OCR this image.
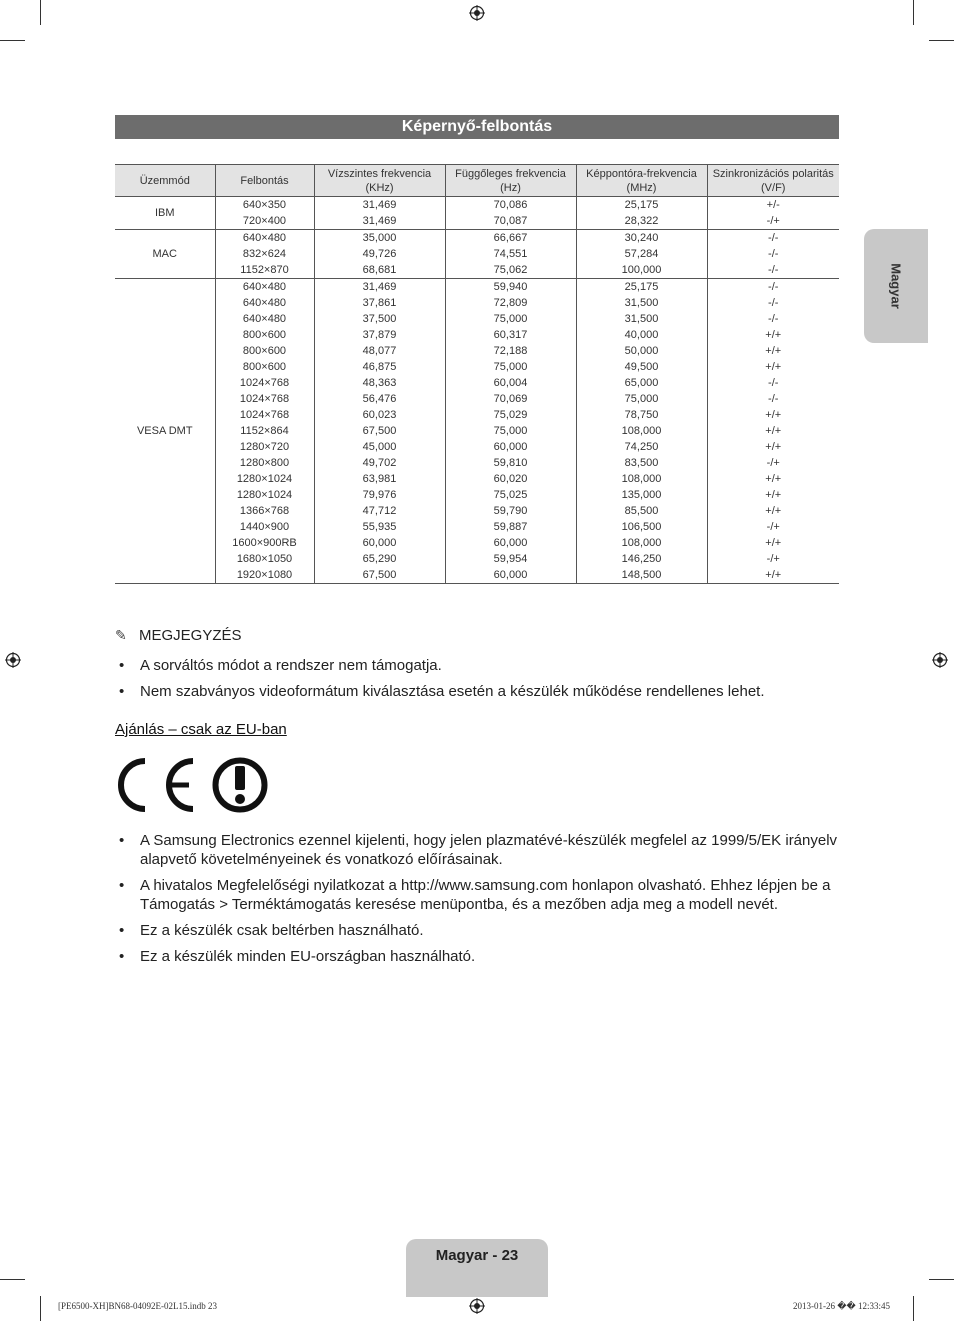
Képernyő-felbontás
Magyar
Üzemmód	Felbontás	Vízszintes frekvencia (KHz)	Függőleges frekvencia (Hz)	Képpontóra-frekvencia (MHz)	Szinkronizációs polaritás (V/F)
IBM	640×350	31,469	70,086	25,175	+/-
	720×400	31,469	70,087	28,322	-/+
MAC	640×480	35,000	66,667	30,240	-/-
	832×624	49,726	74,551	57,284	-/-
	1152×870	68,681	75,062	100,000	-/-
VESA DMT	640×480	31,469	59,940	25,175	-/-
	640×480	37,861	72,809	31,500	-/-
	640×480	37,500	75,000	31,500	-/-
	800×600	37,879	60,317	40,000	+/+
	800×600	48,077	72,188	50,000	+/+
	800×600	46,875	75,000	49,500	+/+
	1024×768	48,363	60,004	65,000	-/-
	1024×768	56,476	70,069	75,000	-/-
	1024×768	60,023	75,029	78,750	+/+
	1152×864	67,500	75,000	108,000	+/+
	1280×720	45,000	60,000	74,250	+/+
	1280×800	49,702	59,810	83,500	-/+
	1280×1024	63,981	60,020	108,000	+/+
	1280×1024	79,976	75,025	135,000	+/+
	1366×768	47,712	59,790	85,500	+/+
	1440×900	55,935	59,887	106,500	-/+
	1600×900RB	60,000	60,000	108,000	+/+
	1680×1050	65,290	59,954	146,250	-/+
	1920×1080	67,500	60,000	148,500	+/+
✎ MEGJEGYZÉS
• A sorváltós módot a rendszer nem támogatja.
• Nem szabványos videoformátum kiválasztása esetén a készülék működése rendellenes lehet.
Ajánlás – csak az EU-ban
• A Samsung Electronics ezennel kijelenti, hogy jelen plazmatévé-készülék megfelel az 1999/5/EK irányelv alapvető követelményeinek és vonatkozó előírásainak.
• A hivatalos Megfelelőségi nyilatkozat a http://www.samsung.com honlapon olvasható. Ehhez lépjen be a Támogatás > Terméktámogatás keresése menüpontba, és a mezőben adja meg a modell nevét.
• Ez a készülék csak beltérben használható.
• Ez a készülék minden EU-országban használható.
Magyar - 23
[PE6500-XH]BN68-04092E-02L15.indb 23	2013-01-26 �� 12:33:45
